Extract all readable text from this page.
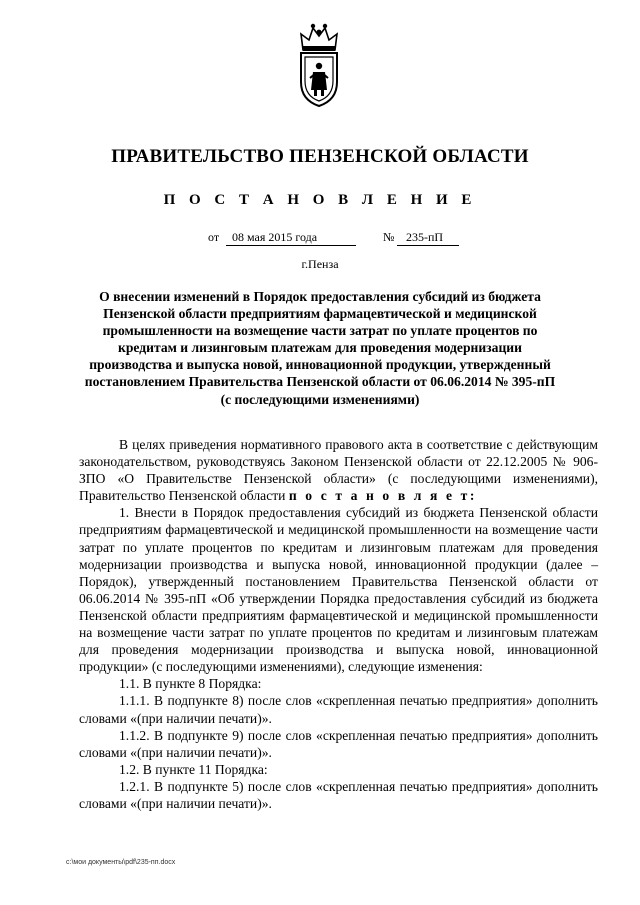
ПРАВИТЕЛЬСТВО ПЕНЗЕНСКОЙ ОБЛАСТИ
П О С Т А Н О В Л Е Н И Е
от 08 мая 2015 года	№ 235-пП
г.Пенза
О внесении изменений в Порядок предоставления субсидий из бюджета Пензенской области предприятиям фармацевтической и медицинской промышленности на возмещение части затрат по уплате процентов по кредитам и лизинговым платежам для проведения модернизации производства и выпуска новой, инновационной продукции, утвержденный постановлением Правительства Пензенской области от 06.06.2014 № 395-пП (с последующими изменениями)

В целях приведения нормативного правового акта в соответствие с действующим законодательством, руководствуясь Законом Пензенской области от 22.12.2005 № 906-ЗПО «О Правительстве Пензенской области» (с последующими изменениями), Правительство Пензенской области п о с т а н о в л я е т:

1. Внести в Порядок предоставления субсидий из бюджета Пензенской области предприятиям фармацевтической и медицинской промышленности на возмещение части затрат по уплате процентов по кредитам и лизинговым платежам для проведения модернизации производства и выпуска новой, инновационной продукции (далее – Порядок), утвержденный постановлением Правительства Пензенской области от 06.06.2014 № 395-пП «Об утверждении Порядка предоставления субсидий из бюджета Пензенской области предприятиям фармацевтической и медицинской промышленности на возмещение части затрат по уплате процентов по кредитам и лизинговым платежам для проведения модернизации производства и выпуска новой, инновационной продукции» (с последующими изменениями), следующие изменения:

1.1. В пункте 8 Порядка:

1.1.1. В подпункте 8) после слов «скрепленная печатью предприятия» дополнить словами «(при наличии печати)».

1.1.2. В подпункте 9) после слов «скрепленная печатью предприятия» дополнить словами «(при наличии печати)».

1.2. В пункте 11 Порядка:

1.2.1. В подпункте 5) после слов «скрепленная печатью предприятия» дополнить словами «(при наличии печати)».

c:\мои документы\pdf\235-пп.docx
